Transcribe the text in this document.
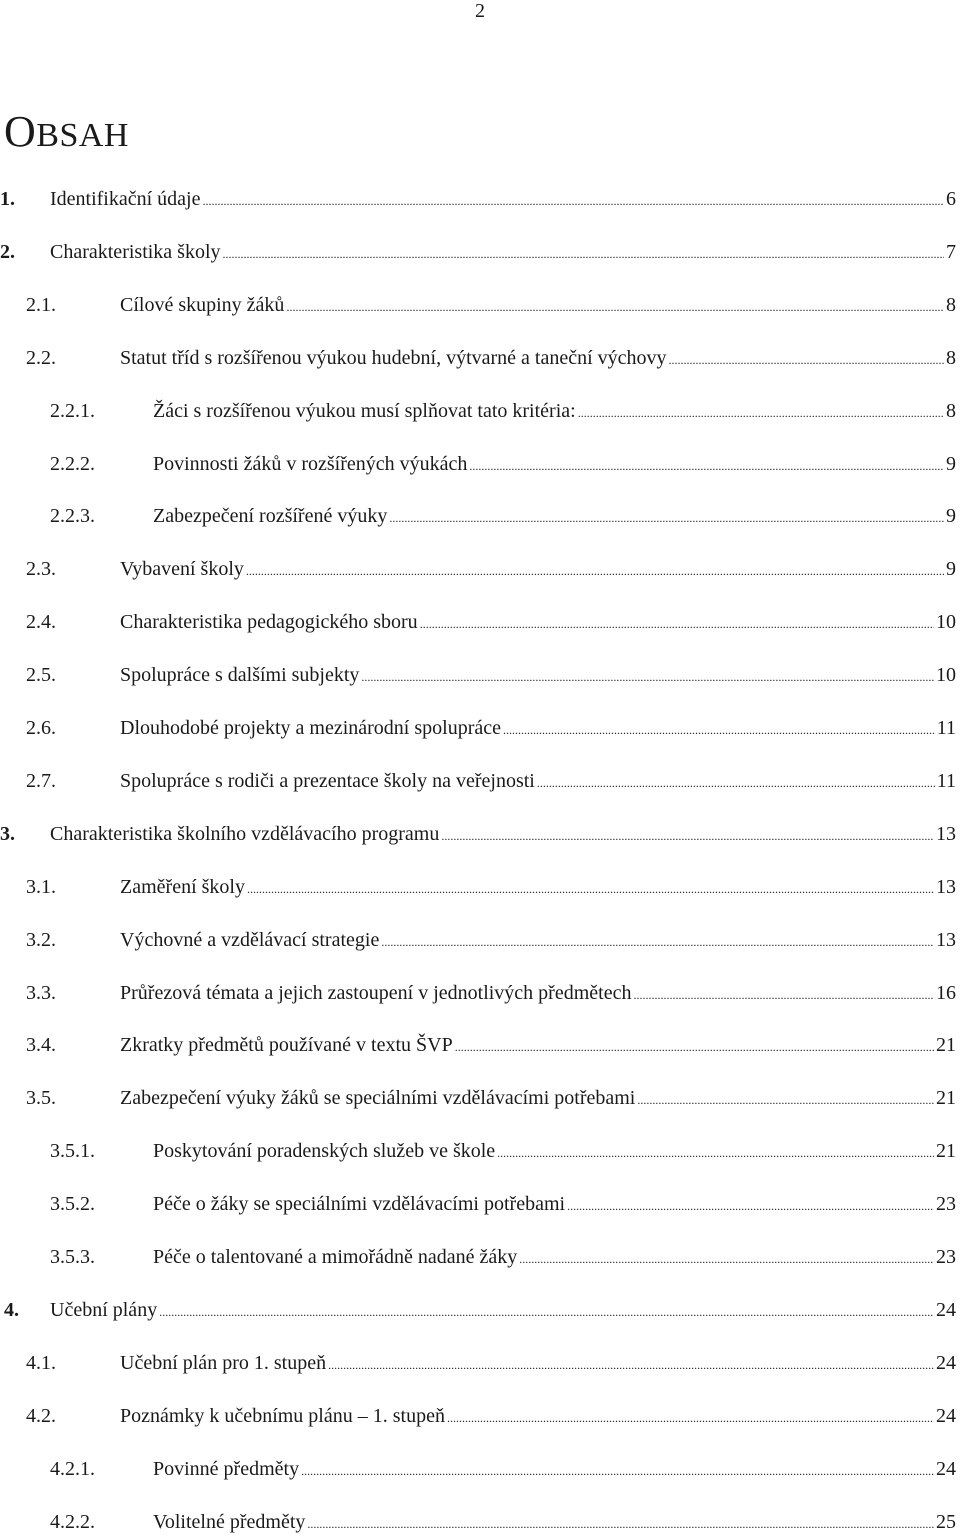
2
OBSAH
1. Identifikační údaje .....	6
2. Charakteristika školy .....	7
2.1.	Cílové skupiny žáků .....	8
2.2.	Statut tříd s rozšířenou výukou hudební, výtvarné a taneční výchovy .....	8
2.2.1.	Žáci s rozšířenou výukou musí splňovat tato kritéria: .....	8
2.2.2.	Povinnosti žáků v rozšířených výukách .....	9
2.2.3.	Zabezpečení rozšířené výuky .....	9
2.3.	Vybavení školy .....	9
2.4.	Charakteristika pedagogického sboru .....	10
2.5.	Spolupráce s dalšími subjekty .....	10
2.6.	Dlouhodobé projekty a mezinárodní spolupráce .....	11
2.7.	Spolupráce s rodiči a prezentace školy na veřejnosti .....	11
3. Charakteristika školního vzdělávacího programu .....	13
3.1.	Zaměření školy .....	13
3.2.	Výchovné a vzdělávací strategie .....	13
3.3.	Průřezová témata a jejich zastoupení v jednotlivých předmětech .....	16
3.4.	Zkratky předmětů používané v textu ŠVP .....	21
3.5.	Zabezpečení výuky žáků se speciálními vzdělávacími potřebami .....	21
3.5.1.	Poskytování poradenských služeb ve škole .....	21
3.5.2.	Péče o žáky se speciálními vzdělávacími potřebami .....	23
3.5.3.	Péče o talentované a mimořádně nadané žáky .....	23
4. Učební plány .....	24
4.1.	Učební plán pro 1. stupeň .....	24
4.2.	Poznámky k učebnímu plánu – 1. stupeň .....	24
4.2.1.	Povinné předměty .....	24
4.2.2.	Volitelné předměty .....	25
